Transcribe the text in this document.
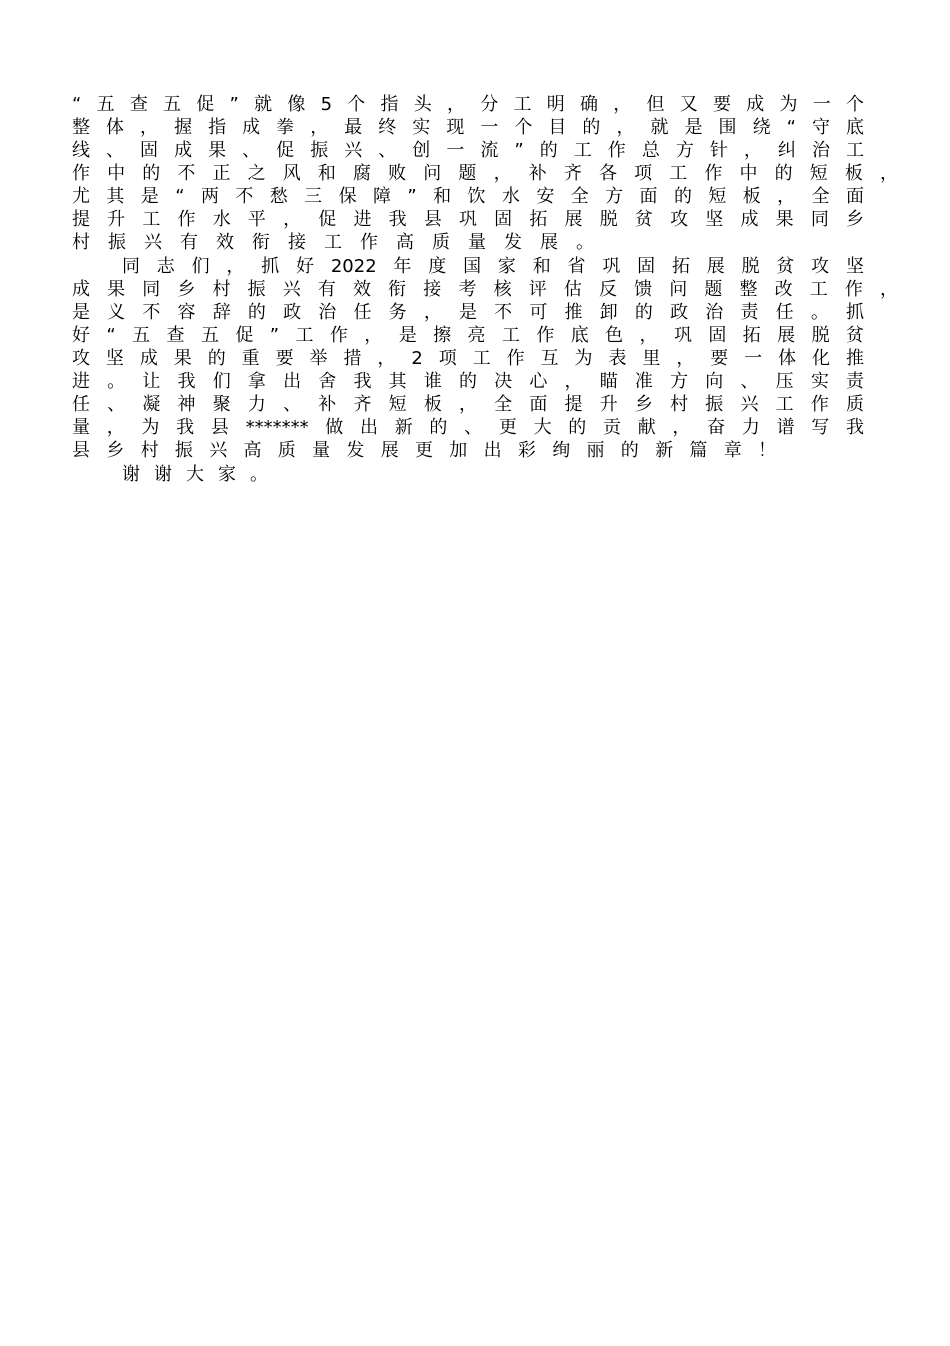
“五查五促”就像5个指头，分工明确，但又要成为一个
整体，握指成拳，最终实现一个目的，就是围绕“守底
线、固成果、促振兴、创一流”的工作总方针，纠治工
作中的不正之风和腐败问题，补齐各项工作中的短板，
尤其是“两不愁三保障”和饮水安全方面的短板，全面
提升工作水平，促进我县巩固拓展脱贫攻坚成果同乡
村振兴有效衔接工作高质量发展。
同志们，抓好2022年度国家和省巩固拓展脱贫攻坚
成果同乡村振兴有效衔接考核评估反馈问题整改工作，
是义不容辞的政治任务，是不可推卸的政治责任。抓
好“五查五促”工作，是擦亮工作底色，巩固拓展脱贫
攻坚成果的重要举措，2项工作互为表里，要一体化推
进。让我们拿出舍我其谁的决心，瞄准方向、压实责
任、凝神聚力、补齐短板，全面提升乡村振兴工作质
量，为我县*******做出新的、更大的贡献，奋力谱写我
县乡村振兴高质量发展更加出彩绚丽的新篇章！
谢谢大家。
